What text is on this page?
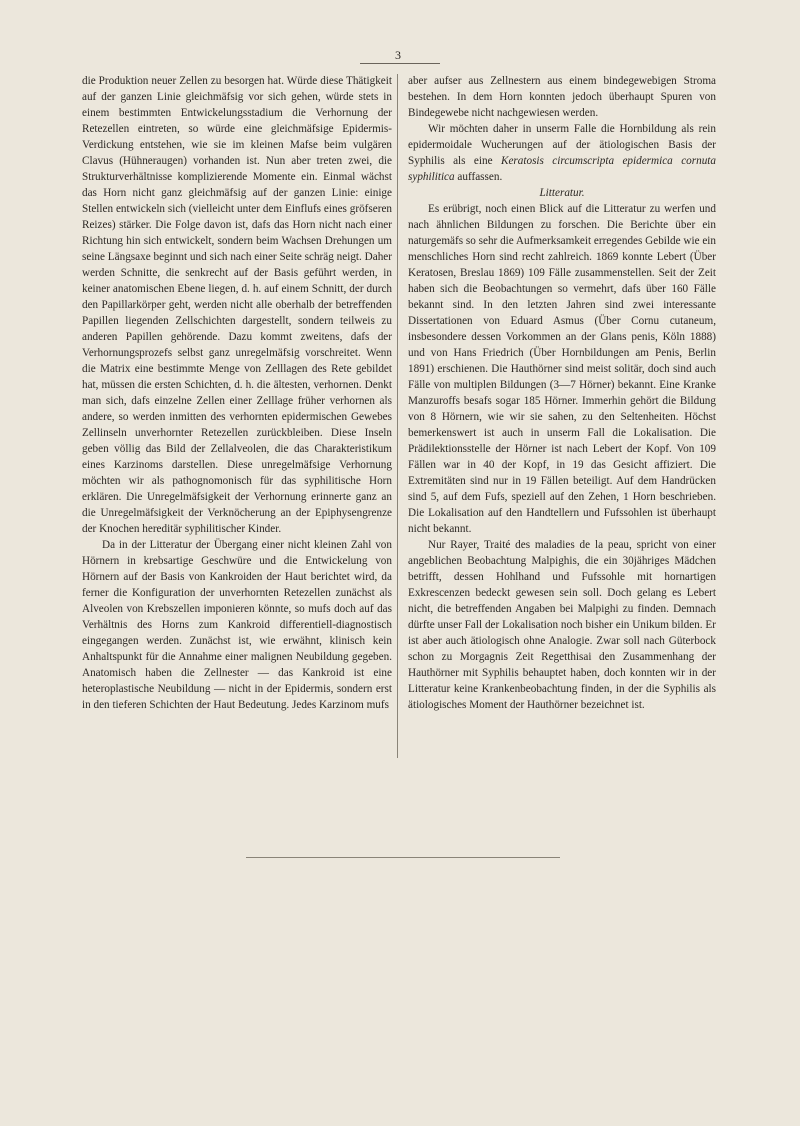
3

die Produktion neuer Zellen zu besorgen hat. Würde diese Thätigkeit auf der ganzen Linie gleichmäfsig vor sich gehen, würde stets in einem bestimmten Entwickelungsstadium die Verhornung der Retezellen eintreten, so würde eine gleichmäfsige Epidermis-Verdickung entstehen, wie sie im kleinen Mafse beim vulgären Clavus (Hühneraugen) vorhanden ist. Nun aber treten zwei, die Strukturverhältnisse komplizierende Momente ein. Einmal wächst das Horn nicht ganz gleichmäfsig auf der ganzen Linie: einige Stellen entwickeln sich (vielleicht unter dem Einflufs eines gröfseren Reizes) stärker. Die Folge davon ist, dafs das Horn nicht nach einer Richtung hin sich entwickelt, sondern beim Wachsen Drehungen um seine Längsaxe beginnt und sich nach einer Seite schräg neigt. Daher werden Schnitte, die senkrecht auf der Basis geführt werden, in keiner anatomischen Ebene liegen, d. h. auf einem Schnitt, der durch den Papillarkörper geht, werden nicht alle oberhalb der betreffenden Papillen liegenden Zellschichten dargestellt, sondern teilweis zu anderen Papillen gehörende. Dazu kommt zweitens, dafs der Verhornungsprozefs selbst ganz unregelmäfsig vorschreitet. Wenn die Matrix eine bestimmte Menge von Zelllagen des Rete gebildet hat, müssen die ersten Schichten, d. h. die ältesten, verhornen. Denkt man sich, dafs einzelne Zellen einer Zelllage früher verhornen als andere, so werden inmitten des verhornten epidermischen Gewebes Zellinseln unverhornter Retezellen zurückbleiben. Diese Inseln geben völlig das Bild der Zellalveolen, die das Charakteristikum eines Karzinoms darstellen. Diese unregelmäfsige Verhornung möchten wir als pathognomonisch für das syphilitische Horn erklären. Die Unregelmäfsigkeit der Verhornung erinnerte ganz an die Unregelmäfsigkeit der Verknöcherung an der Epiphysengrenze der Knochen hereditär syphilitischer Kinder.

Da in der Litteratur der Übergang einer nicht kleinen Zahl von Hörnern in krebsartige Geschwüre und die Entwickelung von Hörnern auf der Basis von Kankroiden der Haut berichtet wird, da ferner die Konfiguration der unverhornten Retezellen zunächst als Alveolen von Krebszellen imponieren könnte, so mufs doch auf das Verhältnis des Horns zum Kankroid differentiell-diagnostisch eingegangen werden. Zunächst ist, wie erwähnt, klinisch kein Anhaltspunkt für die Annahme einer malignen Neubildung gegeben. Anatomisch haben die Zellnester — das Kankroid ist eine heteroplastische Neubildung — nicht in der Epidermis, sondern erst in den tieferen Schichten der Haut Bedeutung. Jedes Karzinom mufs

aber aufser aus Zellnestern aus einem bindegewebigen Stroma bestehen. In dem Horn konnten jedoch überhaupt Spuren von Bindegewebe nicht nachgewiesen werden.

Wir möchten daher in unserm Falle die Hornbildung als rein epidermoidale Wucherungen auf der ätiologischen Basis der Syphilis als eine Keratosis circumscripta epidermica cornuta syphilitica auffassen.

Litteratur.

Es erübrigt, noch einen Blick auf die Litteratur zu werfen und nach ähnlichen Bildungen zu forschen. Die Berichte über ein naturgemäfs so sehr die Aufmerksamkeit erregendes Gebilde wie ein menschliches Horn sind recht zahlreich. 1869 konnte Lebert (Über Keratosen, Breslau 1869) 109 Fälle zusammenstellen. Seit der Zeit haben sich die Beobachtungen so vermehrt, dafs über 160 Fälle bekannt sind. In den letzten Jahren sind zwei interessante Dissertationen von Eduard Asmus (Über Cornu cutaneum, insbesondere dessen Vorkommen an der Glans penis, Köln 1888) und von Hans Friedrich (Über Hornbildungen am Penis, Berlin 1891) erschienen. Die Hauthörner sind meist solitär, doch sind auch Fälle von multiplen Bildungen (3—7 Hörner) bekannt. Eine Kranke Manzuroffs besafs sogar 185 Hörner. Immerhin gehört die Bildung von 8 Hörnern, wie wir sie sahen, zu den Seltenheiten. Höchst bemerkenswert ist auch in unserm Fall die Lokalisation. Die Prädilektionsstelle der Hörner ist nach Lebert der Kopf. Von 109 Fällen war in 40 der Kopf, in 19 das Gesicht affiziert. Die Extremitäten sind nur in 19 Fällen beteiligt. Auf dem Handrücken sind 5, auf dem Fufs, speziell auf den Zehen, 1 Horn beschrieben. Die Lokalisation auf den Handtellern und Fufssohlen ist überhaupt nicht bekannt.

Nur Rayer, Traité des maladies de la peau, spricht von einer angeblichen Beobachtung Malpighis, die ein 30jähriges Mädchen betrifft, dessen Hohlhand und Fufssohle mit hornartigen Exkrescenzen bedeckt gewesen sein soll. Doch gelang es Lebert nicht, die betreffenden Angaben bei Malpighi zu finden. Demnach dürfte unser Fall der Lokalisation noch bisher ein Unikum bilden. Er ist aber auch ätiologisch ohne Analogie. Zwar soll nach Güterbock schon zu Morgagnis Zeit Regetthisai den Zusammenhang der Hauthörner mit Syphilis behauptet haben, doch konnten wir in der Litteratur keine Krankenbeobachtung finden, in der die Syphilis als ätiologisches Moment der Hauthörner bezeichnet ist.
